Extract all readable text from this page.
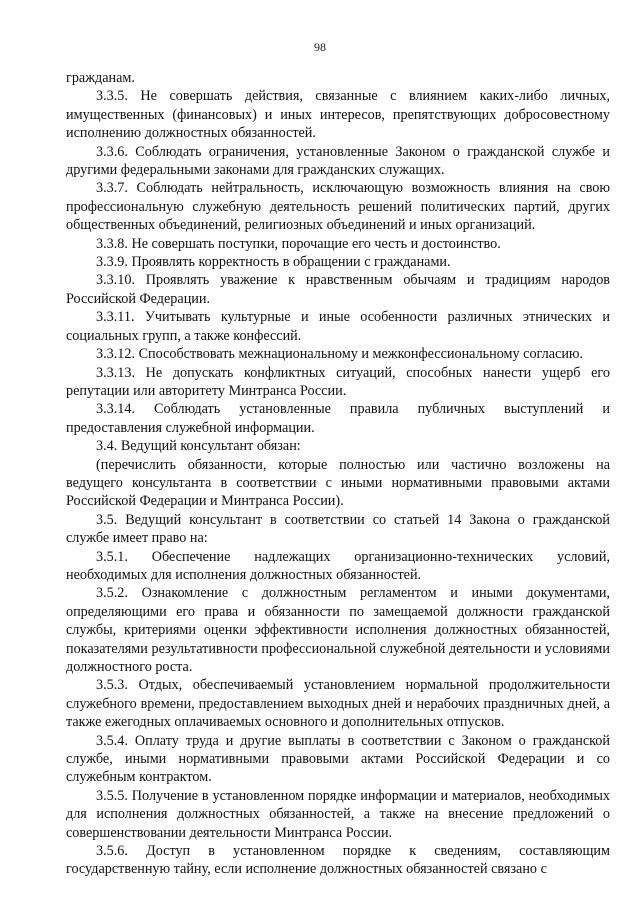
98

гражданам.

3.3.5. Не совершать действия, связанные с влиянием каких-либо личных, имущественных (финансовых) и иных интересов, препятствующих добросовестному исполнению должностных обязанностей.

3.3.6. Соблюдать ограничения, установленные Законом о гражданской службе и другими федеральными законами для гражданских служащих.

3.3.7. Соблюдать нейтральность, исключающую возможность влияния на свою профессиональную служебную деятельность решений политических партий, других общественных объединений, религиозных объединений и иных организаций.

3.3.8. Не совершать поступки, порочащие его честь и достоинство.

3.3.9. Проявлять корректность в обращении с гражданами.

3.3.10. Проявлять уважение к нравственным обычаям и традициям народов Российской Федерации.

3.3.11. Учитывать культурные и иные особенности различных этнических и социальных групп, а также конфессий.

3.3.12. Способствовать межнациональному и межконфессиональному согласию.

3.3.13. Не допускать конфликтных ситуаций, способных нанести ущерб его репутации или авторитету Минтранса России.

3.3.14. Соблюдать установленные правила публичных выступлений и предоставления служебной информации.

3.4. Ведущий консультант обязан:

(перечислить обязанности, которые полностью или частично возложены на ведущего консультанта в соответствии с иными нормативными правовыми актами Российской Федерации и Минтранса России).

3.5. Ведущий консультант в соответствии со статьей 14 Закона о гражданской службе имеет право на:

3.5.1. Обеспечение надлежащих организационно-технических условий, необходимых для исполнения должностных обязанностей.

3.5.2. Ознакомление с должностным регламентом и иными документами, определяющими его права и обязанности по замещаемой должности гражданской службы, критериями оценки эффективности исполнения должностных обязанностей, показателями результативности профессиональной служебной деятельности и условиями должностного роста.

3.5.3. Отдых, обеспечиваемый установлением нормальной продолжительности служебного времени, предоставлением выходных дней и нерабочих праздничных дней, а также ежегодных оплачиваемых основного и дополнительных отпусков.

3.5.4. Оплату труда и другие выплаты в соответствии с Законом о гражданской службе, иными нормативными правовыми актами Российской Федерации и со служебным контрактом.

3.5.5. Получение в установленном порядке информации и материалов, необходимых для исполнения должностных обязанностей, а также на внесение предложений о совершенствовании деятельности Минтранса России.

3.5.6. Доступ в установленном порядке к сведениям, составляющим государственную тайну, если исполнение должностных обязанностей связано с
